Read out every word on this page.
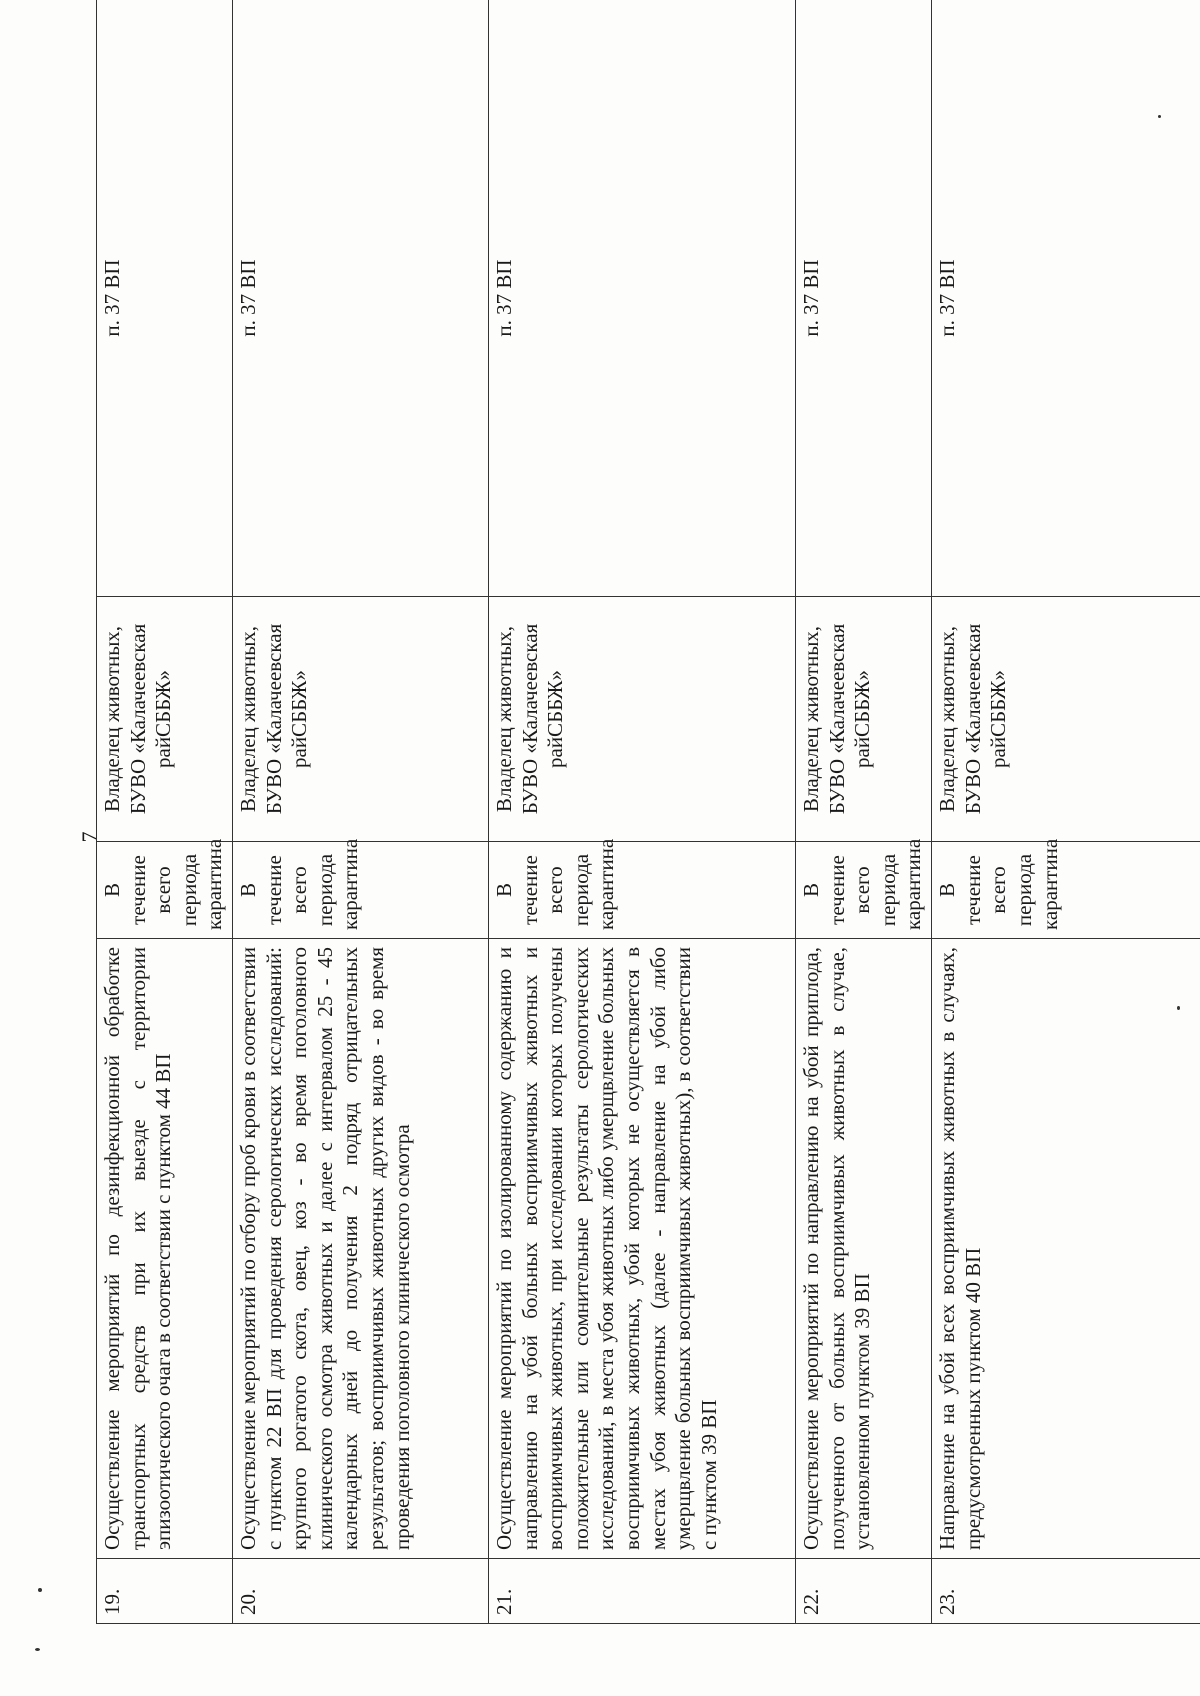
7
19.	Осуществление мероприятий по дезинфекционной обработке транспортных средств при их выезде с территории эпизоотического очага в соответствии с пунктом 44 ВП	В течение всего периода карантина	Владелец животных, БУВО «Калачеевская райСББЖ»	п. 37 ВП
20.	Осуществление мероприятий по отбору проб крови в соответствии с пунктом 22 ВП для проведения серологических исследований: крупного рогатого скота, овец, коз - во время поголовного клинического осмотра животных и далее с интервалом 25 - 45 календарных дней до получения 2 подряд отрицательных результатов; восприимчивых животных других видов - во время проведения поголовного клинического осмотра	В течение всего периода карантина	Владелец животных, БУВО «Калачеевская райСББЖ»	п. 37 ВП
21.	Осуществление мероприятий по изолированному содержанию и направлению на убой больных восприимчивых животных и восприимчивых животных, при исследовании которых получены положительные или сомнительные результаты серологических исследований, в места убоя животных либо умерщвление больных восприимчивых животных, убой которых не осуществляется в местах убоя животных (далее - направление на убой либо умерщвление больных восприимчивых животных), в соответствии с пунктом 39 ВП	В течение всего периода карантина	Владелец животных, БУВО «Калачеевская райСББЖ»	п. 37 ВП
22.	Осуществление мероприятий по направлению на убой приплода, полученного от больных восприимчивых животных в случае, установленном пунктом 39 ВП	В течение всего периода карантина	Владелец животных, БУВО «Калачеевская райСББЖ»	п. 37 ВП
23.	Направление на убой всех восприимчивых животных в случаях, предусмотренных пунктом 40 ВП	В течение всего периода карантина	Владелец животных, БУВО «Калачеевская райСББЖ»	п. 37 ВП
